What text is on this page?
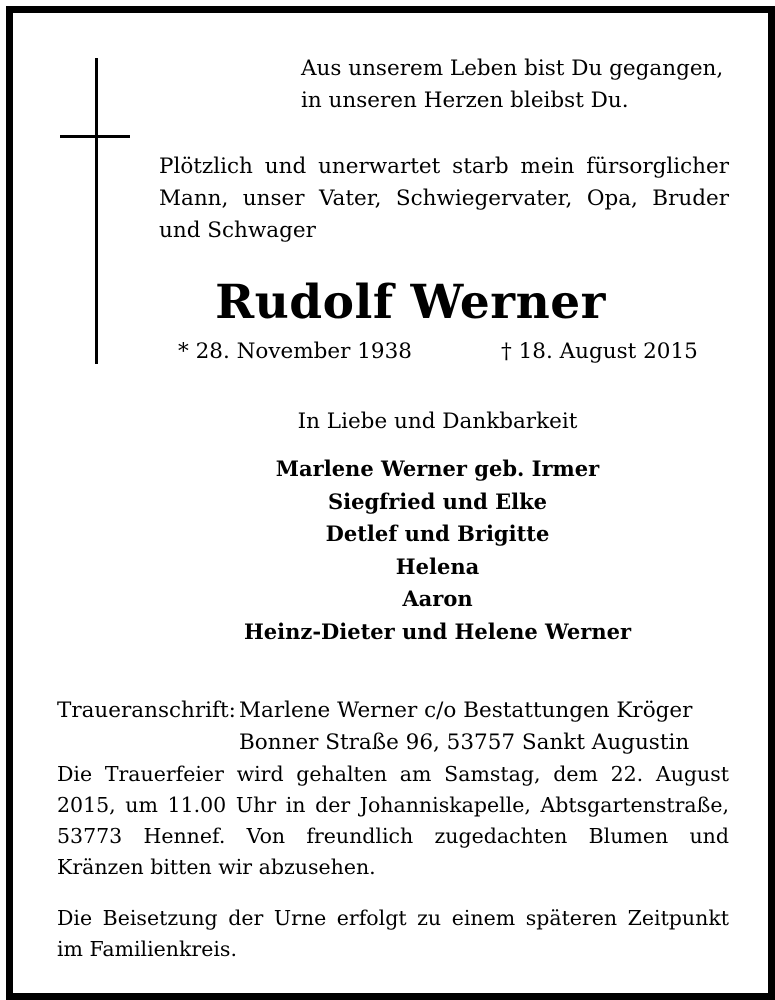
Aus unserem Leben bist Du gegangen,
in unseren Herzen bleibst Du.
Plötzlich und unerwartet starb mein fürsorglicher
Mann, unser Vater, Schwiegervater, Opa, Bruder
und Schwager
Rudolf Werner
* 28. November 1938	† 18. August 2015
In Liebe und Dankbarkeit
Marlene Werner geb. Irmer
Siegfried und Elke
Detlef und Brigitte
Helena
Aaron
Heinz-Dieter und Helene Werner
Traueranschrift: Marlene Werner c/o Bestattungen Kröger
Bonner Straße 96, 53757 Sankt Augustin
Die Trauerfeier wird gehalten am Samstag, dem 22. August 2015, um 11.00 Uhr in der Johanniskapelle, Abtsgartenstraße, 53773 Hennef. Von freundlich zugedachten Blumen und Kränzen bitten wir abzusehen.
Die Beisetzung der Urne erfolgt zu einem späteren Zeitpunkt im Familienkreis.
